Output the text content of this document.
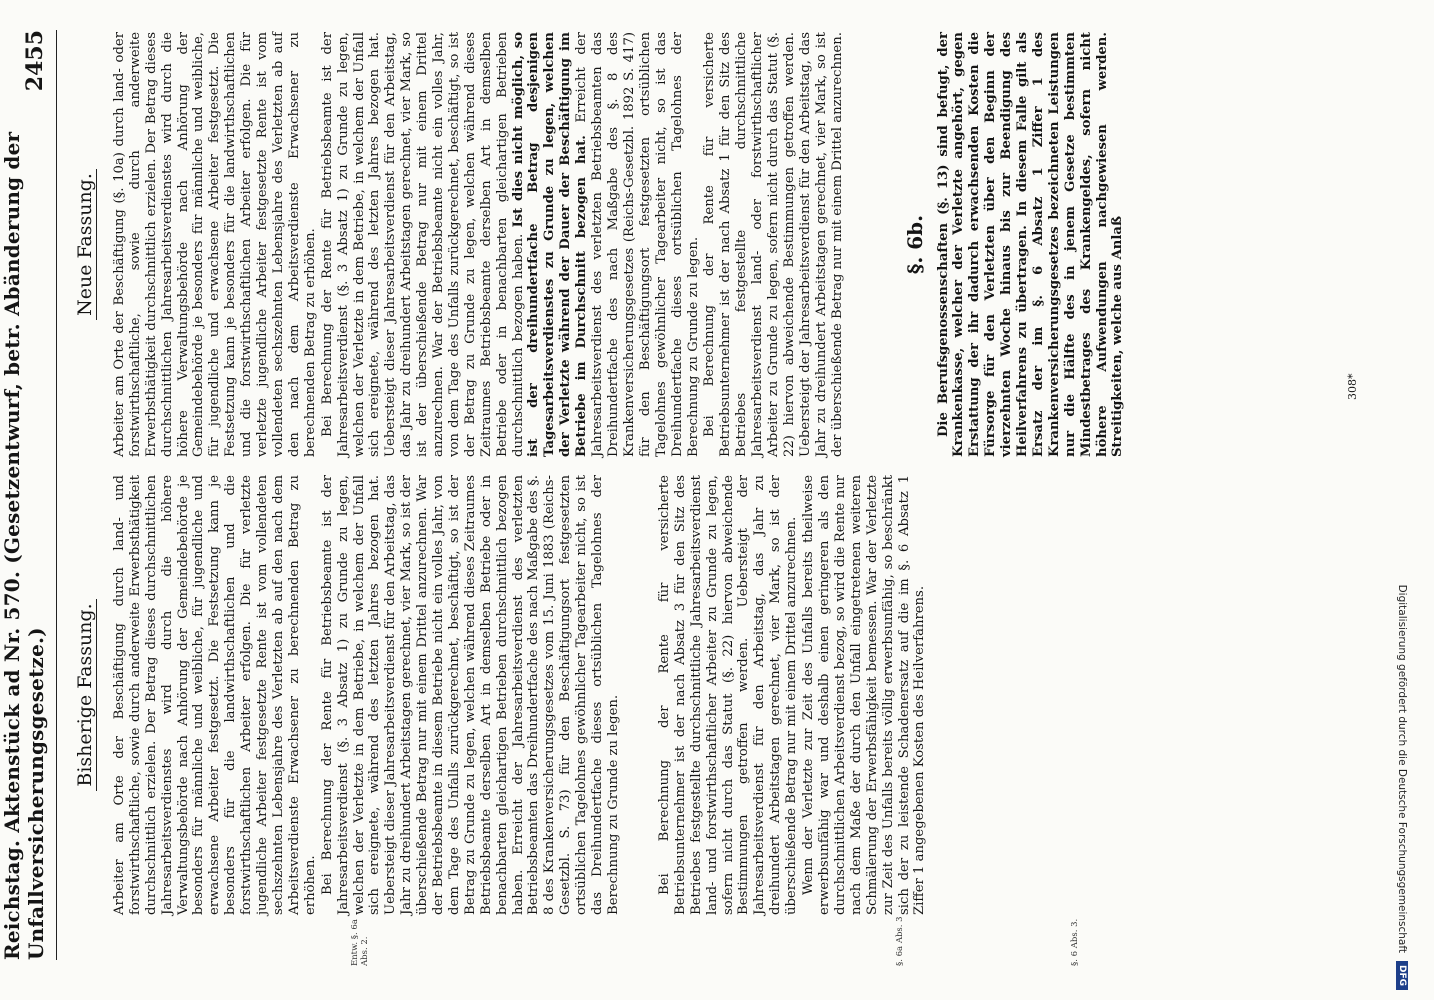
Reichstag. Aktenstück ad Nr. 570. (Gesetzentwurf, betr. Abänderung der Unfallversicherungsgesetze.)
2455
Entw. §. 6a Abs. 2.	§. 6a Abs. 3	§. 6 Abs. 3.
Bisherige Fassung. Arbeiter am Orte der Beschäftigung durch land- und forstwirthschaftliche, sowie durch anderweite Erwerbsthätigkeit durchschnittlich erzielen. Der Betrag dieses durchschnittlichen Jahresarbeitsverdienstes wird durch die höhere Verwaltungsbehörde nach Anhörung der Gemeindebehörde je besonders für männliche und weibliche, für jugendliche und erwachsene Arbeiter festgesetzt. Die Festsetzung kann je besonders für die landwirthschaftlichen und die forstwirthschaftlichen Arbeiter erfolgen. Die für verletzte jugendliche Arbeiter festgesetzte Rente ist vom vollendeten sechszehnten Lebensjahre des Verletzten ab auf den nach dem Arbeitsverdienste Erwachsener zu berechnenden Betrag zu erhöhen. Bei Berechnung der Rente für Betriebsbeamte ist der Jahresarbeitsverdienst (§. 3 Absatz 1) zu Grunde zu legen, welchen der Verletzte in dem Betriebe, in welchem der Unfall sich ereignete, während des letzten Jahres bezogen hat. Uebersteigt dieser Jahresarbeitsverdienst für den Arbeitstag, das Jahr zu dreihundert Arbeitstagen gerechnet, vier Mark, so ist der überschießende Betrag nur mit einem Drittel anzurechnen. War der Betriebsbeamte in diesem Betriebe nicht ein volles Jahr, von dem Tage des Unfalls zurückgerechnet, beschäftigt, so ist der Betrag zu Grunde zu legen, welchen während dieses Zeitraumes Betriebsbeamte derselben Art in demselben Betriebe oder in benachbarten gleichartigen Betrieben durchschnittlich bezogen haben. Erreicht der Jahresarbeitsverdienst des verletzten Betriebsbeamten das Dreihundertfache des nach Maßgabe des §. 8 des Krankenversicherungsgesetzes vom 15. Juni 1883 (Reichs-Gesetzbl. S. 73) für den Beschäftigungsort festgesetzten ortsüblichen Tagelohnes gewöhnlicher Tagearbeiter nicht, so ist das Dreihundertfache dieses ortsüblichen Tagelohnes der Berechnung zu Grunde zu legen.	Bei Berechnung der Rente für versicherte Betriebsunternehmer ist der nach Absatz 3 für den Sitz des Betriebes festgestellte durchschnittliche Jahresarbeitsverdienst land- und forstwirthschaftlicher Arbeiter zu Grunde zu legen, sofern nicht durch das Statut (§. 22) hiervon abweichende Bestimmungen getroffen werden. Uebersteigt der Jahresarbeitsverdienst für den Arbeitstag, das Jahr zu dreihundert Arbeitstagen gerechnet, vier Mark, so ist der überschießende Betrag nur mit einem Drittel anzurechnen. Wenn der Verletzte zur Zeit des Unfalls bereits theilweise erwerbsunfähig war und deshalb einen geringeren als den durchschnittlichen Arbeitsverdienst bezog, so wird die Rente nur nach dem Maße der durch den Unfall eingetretenen weiteren Schmälerung der Erwerbsfähigkeit bemessen. War der Verletzte zur Zeit des Unfalls bereits völlig erwerbsunfähig, so beschränkt sich der zu leistende Schadenersatz auf die im §. 6 Absatz 1 Ziffer 1 angegebenen Kosten des Heilverfahrens.

Neue Fassung. Arbeiter am Orte der Beschäftigung (§. 10a) durch land- oder forstwirthschaftliche, sowie durch anderweite Erwerbsthätigkeit durchschnittlich erzielen. Der Betrag dieses durchschnittlichen Jahresarbeitsverdienstes wird durch die höhere Verwaltungsbehörde nach Anhörung der Gemeindebehörde je besonders für männliche und weibliche, für jugendliche und erwachsene Arbeiter festgesetzt. Die Festsetzung kann je besonders für die landwirthschaftlichen und die forstwirthschaftlichen Arbeiter erfolgen. Die für verletzte jugendliche Arbeiter festgesetzte Rente ist vom vollendeten sechszehnten Lebensjahre des Verletzten ab auf den nach dem Arbeitsverdienste Erwachsener zu berechnenden Betrag zu erhöhen. Bei Berechnung der Rente für Betriebsbeamte ist der Jahresarbeitsverdienst (§. 3 Absatz 1) zu Grunde zu legen, welchen der Verletzte in dem Betriebe, in welchem der Unfall sich ereignete, während des letzten Jahres bezogen hat. Uebersteigt dieser Jahresarbeitsverdienst für den Arbeitstag, das Jahr zu dreihundert Arbeitstagen gerechnet, vier Mark, so ist der überschießende Betrag nur mit einem Drittel anzurechnen. War der Betriebsbeamte nicht ein volles Jahr, von dem Tage des Unfalls zurückgerechnet, beschäftigt, so ist der Betrag zu Grunde zu legen, welchen während dieses Zeitraumes Betriebsbeamte derselben Art in demselben Betriebe oder in benachbarten gleichartigen Betrieben durchschnittlich bezogen haben. Ist dies nicht möglich, so ist der dreihundertfache Betrag desjenigen Tagesarbeitsverdienstes zu Grunde zu legen, welchen der Verletzte während der Dauer der Beschäftigung im Betriebe im Durchschnitt bezogen hat. Erreicht der Jahresarbeitsverdienst des verletzten Betriebsbeamten das Dreihundertfache des nach Maßgabe des §. 8 des Krankenversicherungsgesetzes (Reichs-Gesetzbl. 1892 S. 417) für den Beschäftigungsort festgesetzten ortsüblichen Tagelohnes gewöhnlicher Tagearbeiter nicht, so ist das Dreihundertfache dieses ortsüblichen Tagelohnes der Berechnung zu Grunde zu legen. Bei Berechnung der Rente für versicherte Betriebsunternehmer ist der nach Absatz 1 für den Sitz des Betriebes festgestellte durchschnittliche Jahresarbeitsverdienst land- oder forstwirthschaftlicher Arbeiter zu Grunde zu legen, sofern nicht durch das Statut (§. 22) hiervon abweichende Bestimmungen getroffen werden. Uebersteigt der Jahresarbeitsverdienst für den Arbeitstag, das Jahr zu dreihundert Arbeitstagen gerechnet, vier Mark, so ist der überschießende Betrag nur mit einem Drittel anzurechnen.	§. 6b. Die Berufsgenossenschaften (§. 13) sind befugt, der Krankenkasse, welcher der Verletzte angehört, gegen Erstattung der ihr dadurch erwachsenden Kosten die Fürsorge für den Verletzten über den Beginn der vierzehnten Woche hinaus bis zur Beendigung des Heilverfahrens zu übertragen. In diesem Falle gilt als Ersatz der im §. 6 Absatz 1 Ziffer 1 des Krankenversicherungsgesetzes bezeichneten Leistungen nur die Hälfte des in jenem Gesetze bestimmten Mindestbetrages des Krankengeldes, sofern nicht höhere Aufwendungen nachgewiesen werden. Streitigkeiten, welche aus Anlaß	308*
Digitalisierung gefördert durch die Deutsche Forschungsgemeinschaft
DFG
